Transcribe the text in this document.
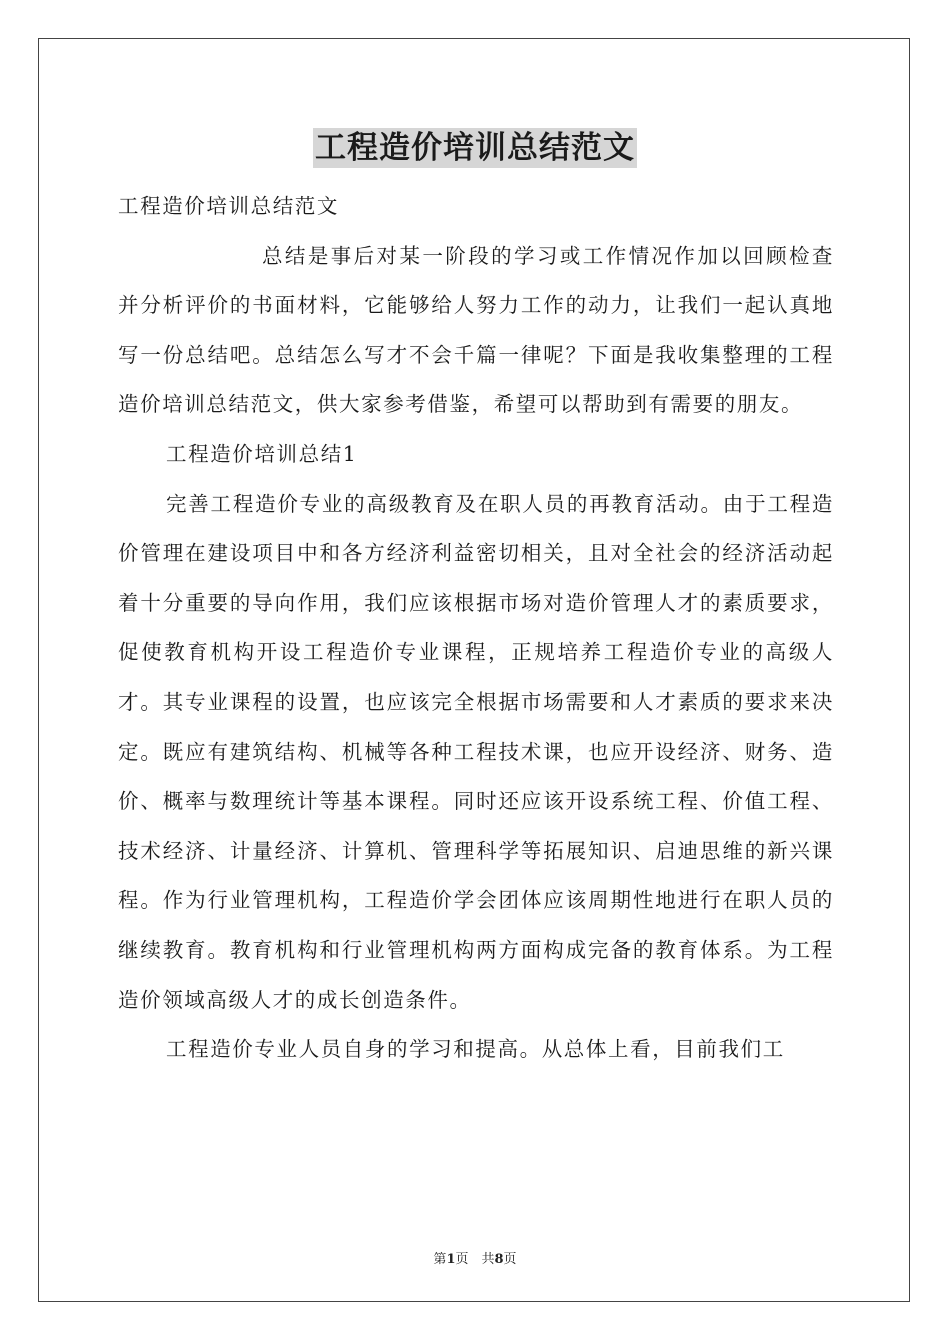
工程造价培训总结范文

工程造价培训总结范文

总结是事后对某一阶段的学习或工作情况作加以回顾检查并分析评价的书面材料，它能够给人努力工作的动力，让我们一起认真地写一份总结吧。总结怎么写才不会千篇一律呢？下面是我收集整理的工程造价培训总结范文，供大家参考借鉴，希望可以帮助到有需要的朋友。

工程造价培训总结1

完善工程造价专业的高级教育及在职人员的再教育活动。由于工程造价管理在建设项目中和各方经济利益密切相关，且对全社会的经济活动起着十分重要的导向作用，我们应该根据市场对造价管理人才的素质要求，促使教育机构开设工程造价专业课程，正规培养工程造价专业的高级人才。其专业课程的设置，也应该完全根据市场需要和人才素质的要求来决定。既应有建筑结构、机械等各种工程技术课，也应开设经济、财务、造价、概率与数理统计等基本课程。同时还应该开设系统工程、价值工程、技术经济、计量经济、计算机、管理科学等拓展知识、启迪思维的新兴课程。作为行业管理机构，工程造价学会团体应该周期性地进行在职人员的继续教育。教育机构和行业管理机构两方面构成完备的教育体系。为工程造价领域高级人才的成长创造条件。

工程造价专业人员自身的学习和提高。从总体上看，目前我们工

第1页　共8页
